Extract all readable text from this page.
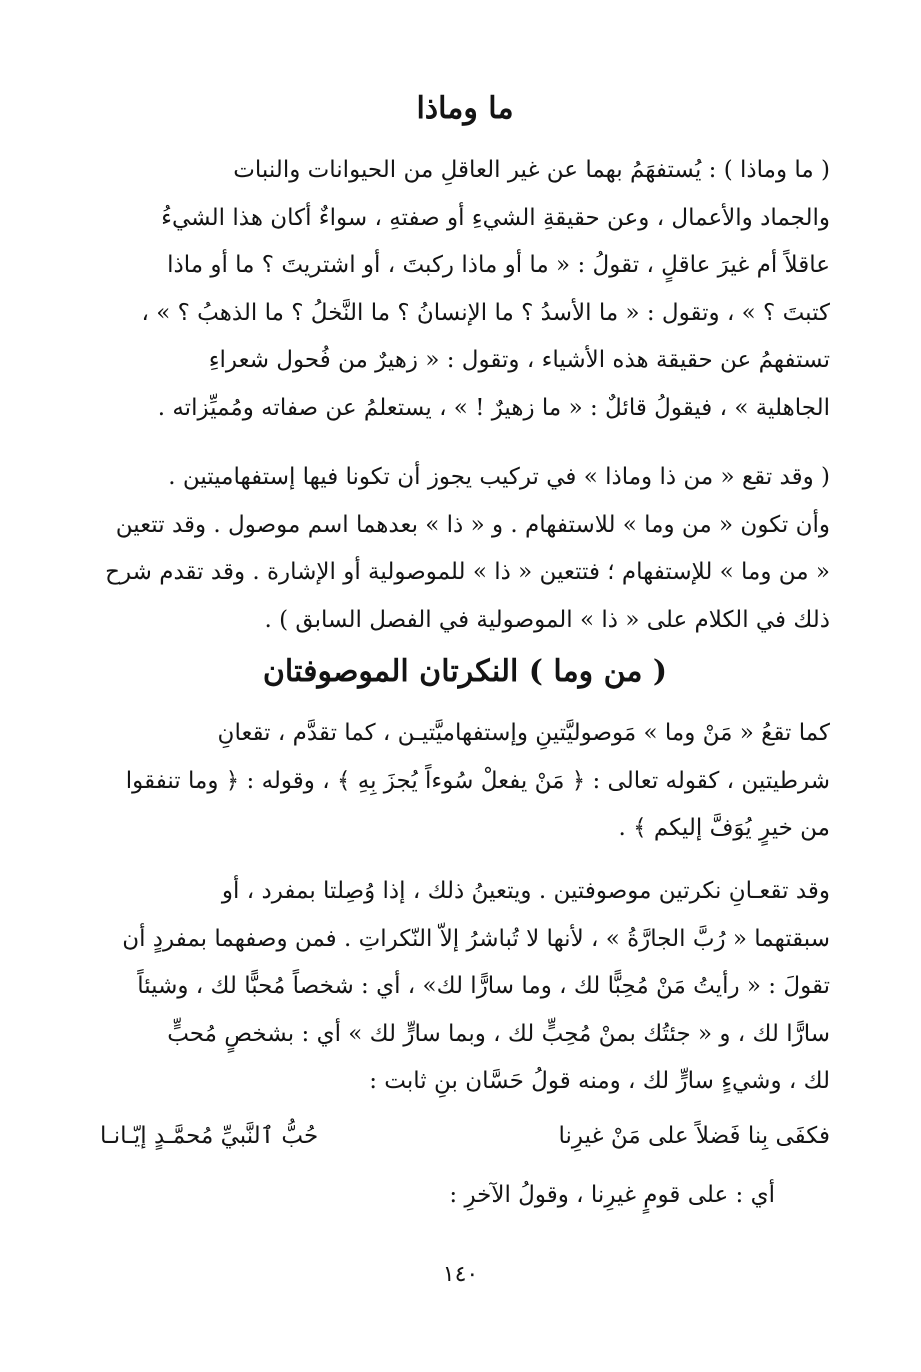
ما وماذا
( ما وماذا ) : يُستفهَمُ بهما عن غير العاقلِ من الحيوانات والنبات
والجماد والأعمال ، وعن حقيقةِ الشيءِ أو صفتهِ ، سواءٌ أكان هذا الشيءُ
عاقلاً أم غيرَ عاقلٍ ، تقولُ : « ما أو ماذا ركبتَ ، أو اشتريتَ ؟ ما أو ماذا
كتبتَ ؟ » ، وتقول : « ما الأسدُ ؟ ما الإنسانُ ؟ ما النَّخلُ ؟ ما الذهبُ ؟ » ،
تستفهمُ عن حقيقة هذه الأشياء ، وتقول : « زهيرٌ من فُحول شعراءِ
الجاهلية » ، فيقولُ قائلٌ : « ما زهيرٌ ! » ، يستعلمُ عن صفاته ومُميِّزاته .
( وقد تقع « من ذا وماذا » في تركيب يجوز أن تكونا فيها إستفهاميتين .
وأن تكون « من وما » للاستفهام . و « ذا » بعدهما اسم موصول . وقد تتعين
« من وما » للإستفهام ؛ فتتعين « ذا » للموصولية أو الإشارة . وقد تقدم شرح
ذلك في الكلام على « ذا » الموصولية في الفصل السابق ) .
( من وما ) النكرتان الموصوفتان
كما تقعُ « مَنْ وما » مَوصوليَّتينِ وإستفهاميَّتيـن ، كما تقدَّم ، تقعانِ
شرطيتين ، كقوله تعالى : ﴿ مَنْ يفعلْ سُوءاً يُجزَ بِهِ ﴾ ، وقوله : ﴿ وما تنفقوا
من خيرٍ يُوَفَّ إليكم ﴾ .
وقد تقعـانِ نكرتين موصوفتين . ويتعينُ ذلك ، إذا وُصِلتا بمفرد ، أو
سبقتهما « رُبَّ الجارَّةُ » ، لأنها لا تُباشرُ إلاّ النّكراتِ . فمن وصفهما بمفردٍ أن
تقولَ : « رأيتُ مَنْ مُحِبًّا لك ، وما سارًّا لك» ، أي : شخصاً مُحبًّا لك ، وشيئاً
سارًّا لك ، و « جئتُك بمنْ مُحِبٍّ لك ، وبما سارٍّ لك » أي : بشخصٍ مُحبٍّ
لك ، وشيءٍ سارٍّ لك ، ومنه قولُ حَسَّان بنِ ثابت :
فكفَى بِنا فَضلاً على مَنْ غيرِنا
حُبُّ ٱلنَّبيِّ مُحمَّـدٍ إيّـانـا
أي : على قومٍ غيرِنا ، وقولُ الآخرِ :
١٤٠
